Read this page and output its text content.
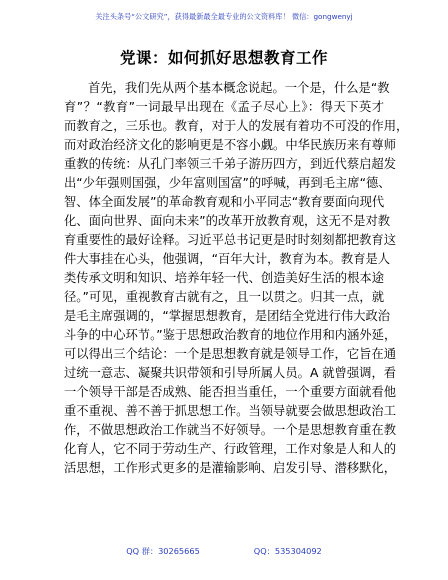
关注头条号“公文研究”，获得最新最全最专业的公文资料库！ 微信：gongwenyj
党课：如何抓好思想教育工作
首先，我们先从两个基本概念说起。一个是，什么是“教
育”？“教育”一词最早出现在《孟子尽心上》：得天下英才
而教育之，三乐也。教育，对于人的发展有着功不可没的作用，
而对政治经济文化的影响更是不容小觑。中华民族历来有尊师
重教的传统：从孔门率领三千弟子游历四方，到近代蔡启超发
出“少年强则国强，少年富则国富”的呼喊，再到毛主席“德、
智、体全面发展”的革命教育观和小平同志“教育要面向现代
化、面向世界、面向未来”的改革开放教育观，这无不是对教
育重要性的最好诠释。习近平总书记更是时时刻刻都把教育这
件大事挂在心头，他强调，“百年大计，教育为本。教育是人
类传承文明和知识、培养年轻一代、创造美好生活的根本途
径。”可见，重视教育古就有之，且一以贯之。归其一点，就
是毛主席强调的，“掌握思想教育，是团结全党进行伟大政治
斗争的中心环节。”鉴于思想政治教育的地位作用和内涵外延，
可以得出三个结论：一个是思想教育就是领导工作，它旨在通
过统一意志、凝聚共识带领和引导所属人员。A 就曾强调，看
一个领导干部是否成熟、能否担当重任，一个重要方面就看他
重不重视、善不善于抓思想工作。当领导就要会做思想政治工
作，不做思想政治工作就当不好领导。一个是思想教育重在教
化育人，它不同于劳动生产、行政管理，工作对象是人和人的
活思想，工作形式更多的是灌输影响、启发引导、潜移默化，
QQ 群：30265665	QQ：535304092
